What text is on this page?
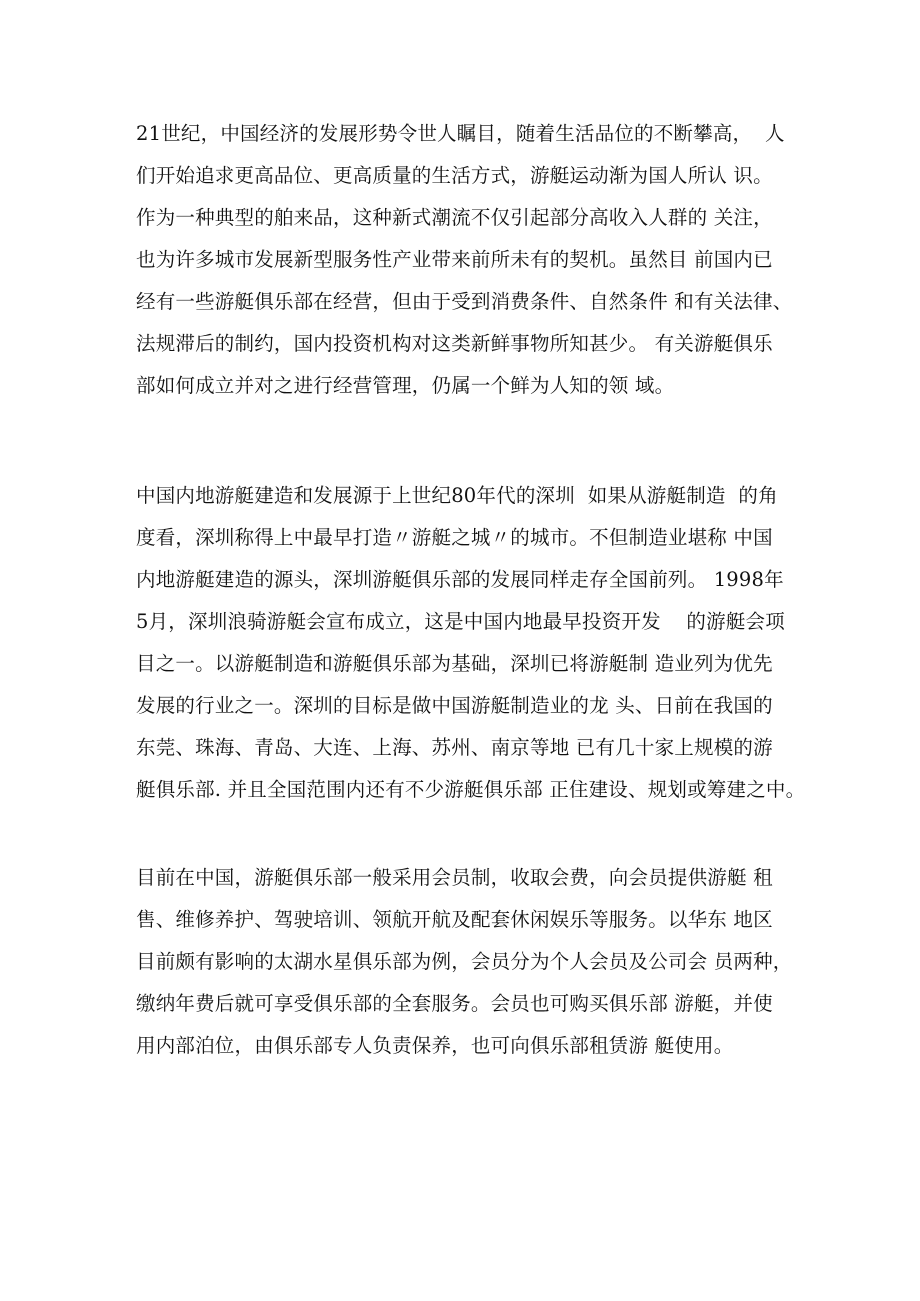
21世纪，中国经济的发展形势令世人瞩目，随着生活品位的不断攀高，  人
们开始追求更高品位、更高质量的生活方式，游艇运动渐为国人所认 识。
作为一种典型的舶来品，这种新式潮流不仅引起部分高收入人群的 关注，
也为许多城市发展新型服务性产业带来前所未有的契机。虽然目 前国内已
经有一些游艇俱乐部在经营，但由于受到消费条件、自然条件 和有关法律、
法规滞后的制约，国内投资机构对这类新鲜事物所知甚少。 有关游艇俱乐
部如何成立并对之进行经营管理，仍属一个鲜为人知的领 域。
中国内地游艇建造和发展源于上世纪80年代的深圳  如果从游艇制造  的角
度看，深圳称得上中最早打造〃游艇之城〃的城市。不但制造业堪称 中国
内地游艇建造的源头，深圳游艇俱乐部的发展同样走存全国前列。 1998年
5月，深圳浪骑游艇会宣布成立，这是中国内地最早投资开发    的游艇会项
目之一。以游艇制造和游艇俱乐部为基础，深圳已将游艇制 造业列为优先
发展的行业之一。深圳的目标是做中国游艇制造业的龙 头、日前在我国的
东莞、珠海、青岛、大连、上海、苏州、南京等地 已有几十家上规模的游
艇俱乐部. 并且全国范围内还有不少游艇俱乐部 正住建设、规划或筹建之中。
目前在中国，游艇俱乐部一般采用会员制，收取会费，向会员提供游艇 租
售、维修养护、驾驶培训、领航开航及配套休闲娱乐等服务。以华东 地区
目前颇有影响的太湖水星俱乐部为例，会员分为个人会员及公司会 员两种，
缴纳年费后就可享受俱乐部的全套服务。会员也可购买俱乐部 游艇，并使
用内部泊位，由俱乐部专人负责保养，也可向俱乐部租赁游 艇使用。
